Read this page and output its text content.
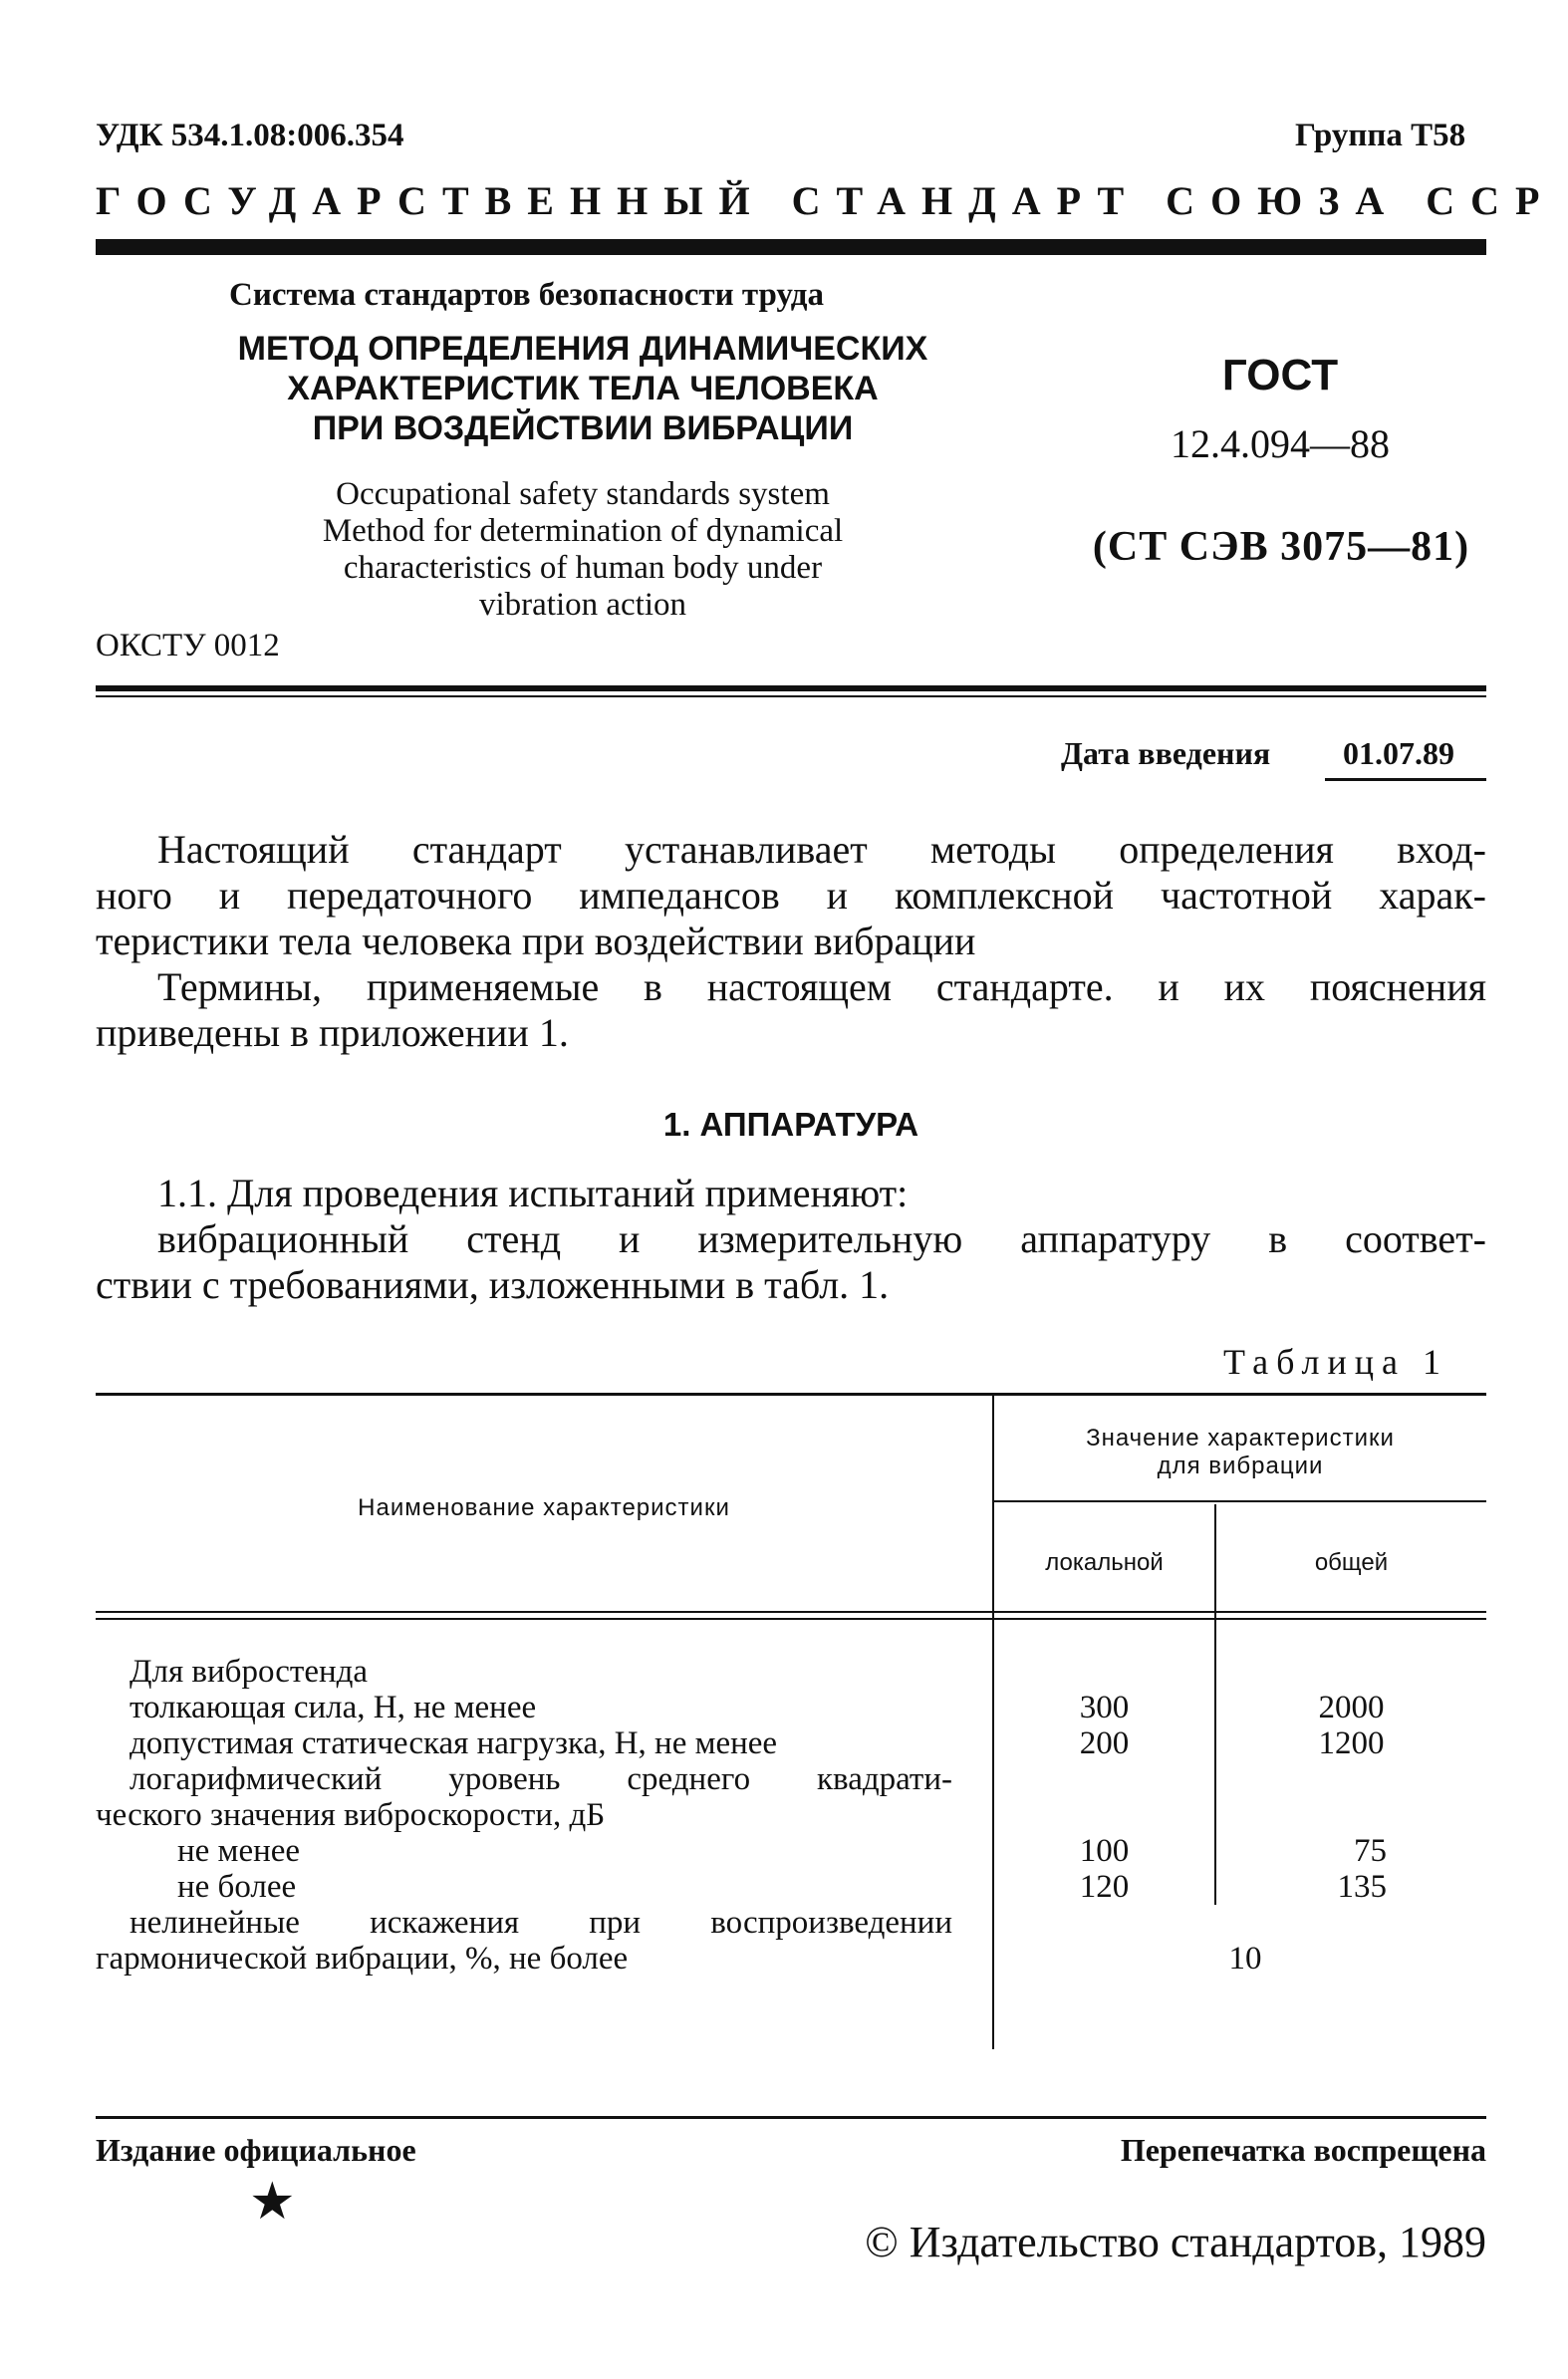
УДК 534.1.08:006.354	Группа Т58
ГОСУДАРСТВЕННЫЙ СТАНДАРТ СОЮЗА ССР
Система стандартов безопасности труда
МЕТОД ОПРЕДЕЛЕНИЯ ДИНАМИЧЕСКИХ
ХАРАКТЕРИСТИК ТЕЛА ЧЕЛОВЕКА
ПРИ ВОЗДЕЙСТВИИ ВИБРАЦИИ
Occupational safety standards system
Method for determination of dynamical
characteristics of human body under
vibration action
ОКСТУ 0012
ГОСТ
12.4.094—88
(СТ СЭВ 3075—81)
Дата введения 01.07.89
Настоящий стандарт устанавливает методы определения вход-
ного и передаточного импедансов и комплексной частотной харак-
теристики тела человека при воздействии вибрации
Термины, применяемые в настоящем стандарте. и их пояснения
приведены в приложении 1.
1. АППАРАТУРА
1.1. Для проведения испытаний применяют:
вибрационный стенд и измерительную аппаратуру в соответ-
ствии с требованиями, изложенными в табл. 1.
Таблица 1
Наименование характеристики
Значение характеристики
для вибрации
локальной	общей
Для вибростенда
толкающая сила, Н, не менее	300	2000
допустимая статическая нагрузка, Н, не менее	200	1200
логарифмический уровень среднего квадрати-
ческого значения виброскорости, дБ
не менее	100	75
не более	120	135
нелинейные искажения при воспроизведении
гармонической вибрации, %, не более	10
Издание официальное	Перепечатка воспрещена
★
© Издательство стандартов, 1989
